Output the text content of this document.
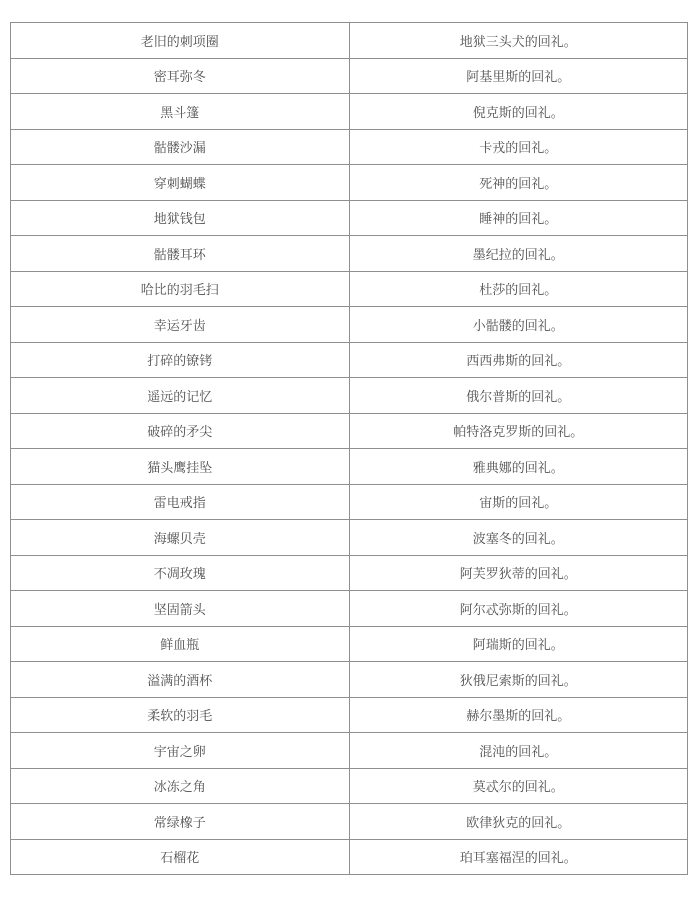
老旧的刺项圈	地狱三头犬的回礼。
密耳弥冬	阿基里斯的回礼。
黑斗篷	倪克斯的回礼。
骷髅沙漏	卡戎的回礼。
穿刺蝴蝶	死神的回礼。
地狱钱包	睡神的回礼。
骷髅耳环	墨纪拉的回礼。
哈比的羽毛扫	杜莎的回礼。
幸运牙齿	小骷髅的回礼。
打碎的镣铐	西西弗斯的回礼。
遥远的记忆	俄尔普斯的回礼。
破碎的矛尖	帕特洛克罗斯的回礼。
猫头鹰挂坠	雅典娜的回礼。
雷电戒指	宙斯的回礼。
海螺贝壳	波塞冬的回礼。
不凋玫瑰	阿芙罗狄蒂的回礼。
坚固箭头	阿尔忒弥斯的回礼。
鲜血瓶	阿瑞斯的回礼。
溢满的酒杯	狄俄尼索斯的回礼。
柔软的羽毛	赫尔墨斯的回礼。
宇宙之卵	混沌的回礼。
冰冻之角	莫忒尔的回礼。
常绿橡子	欧律狄克的回礼。
石榴花	珀耳塞福涅的回礼。
